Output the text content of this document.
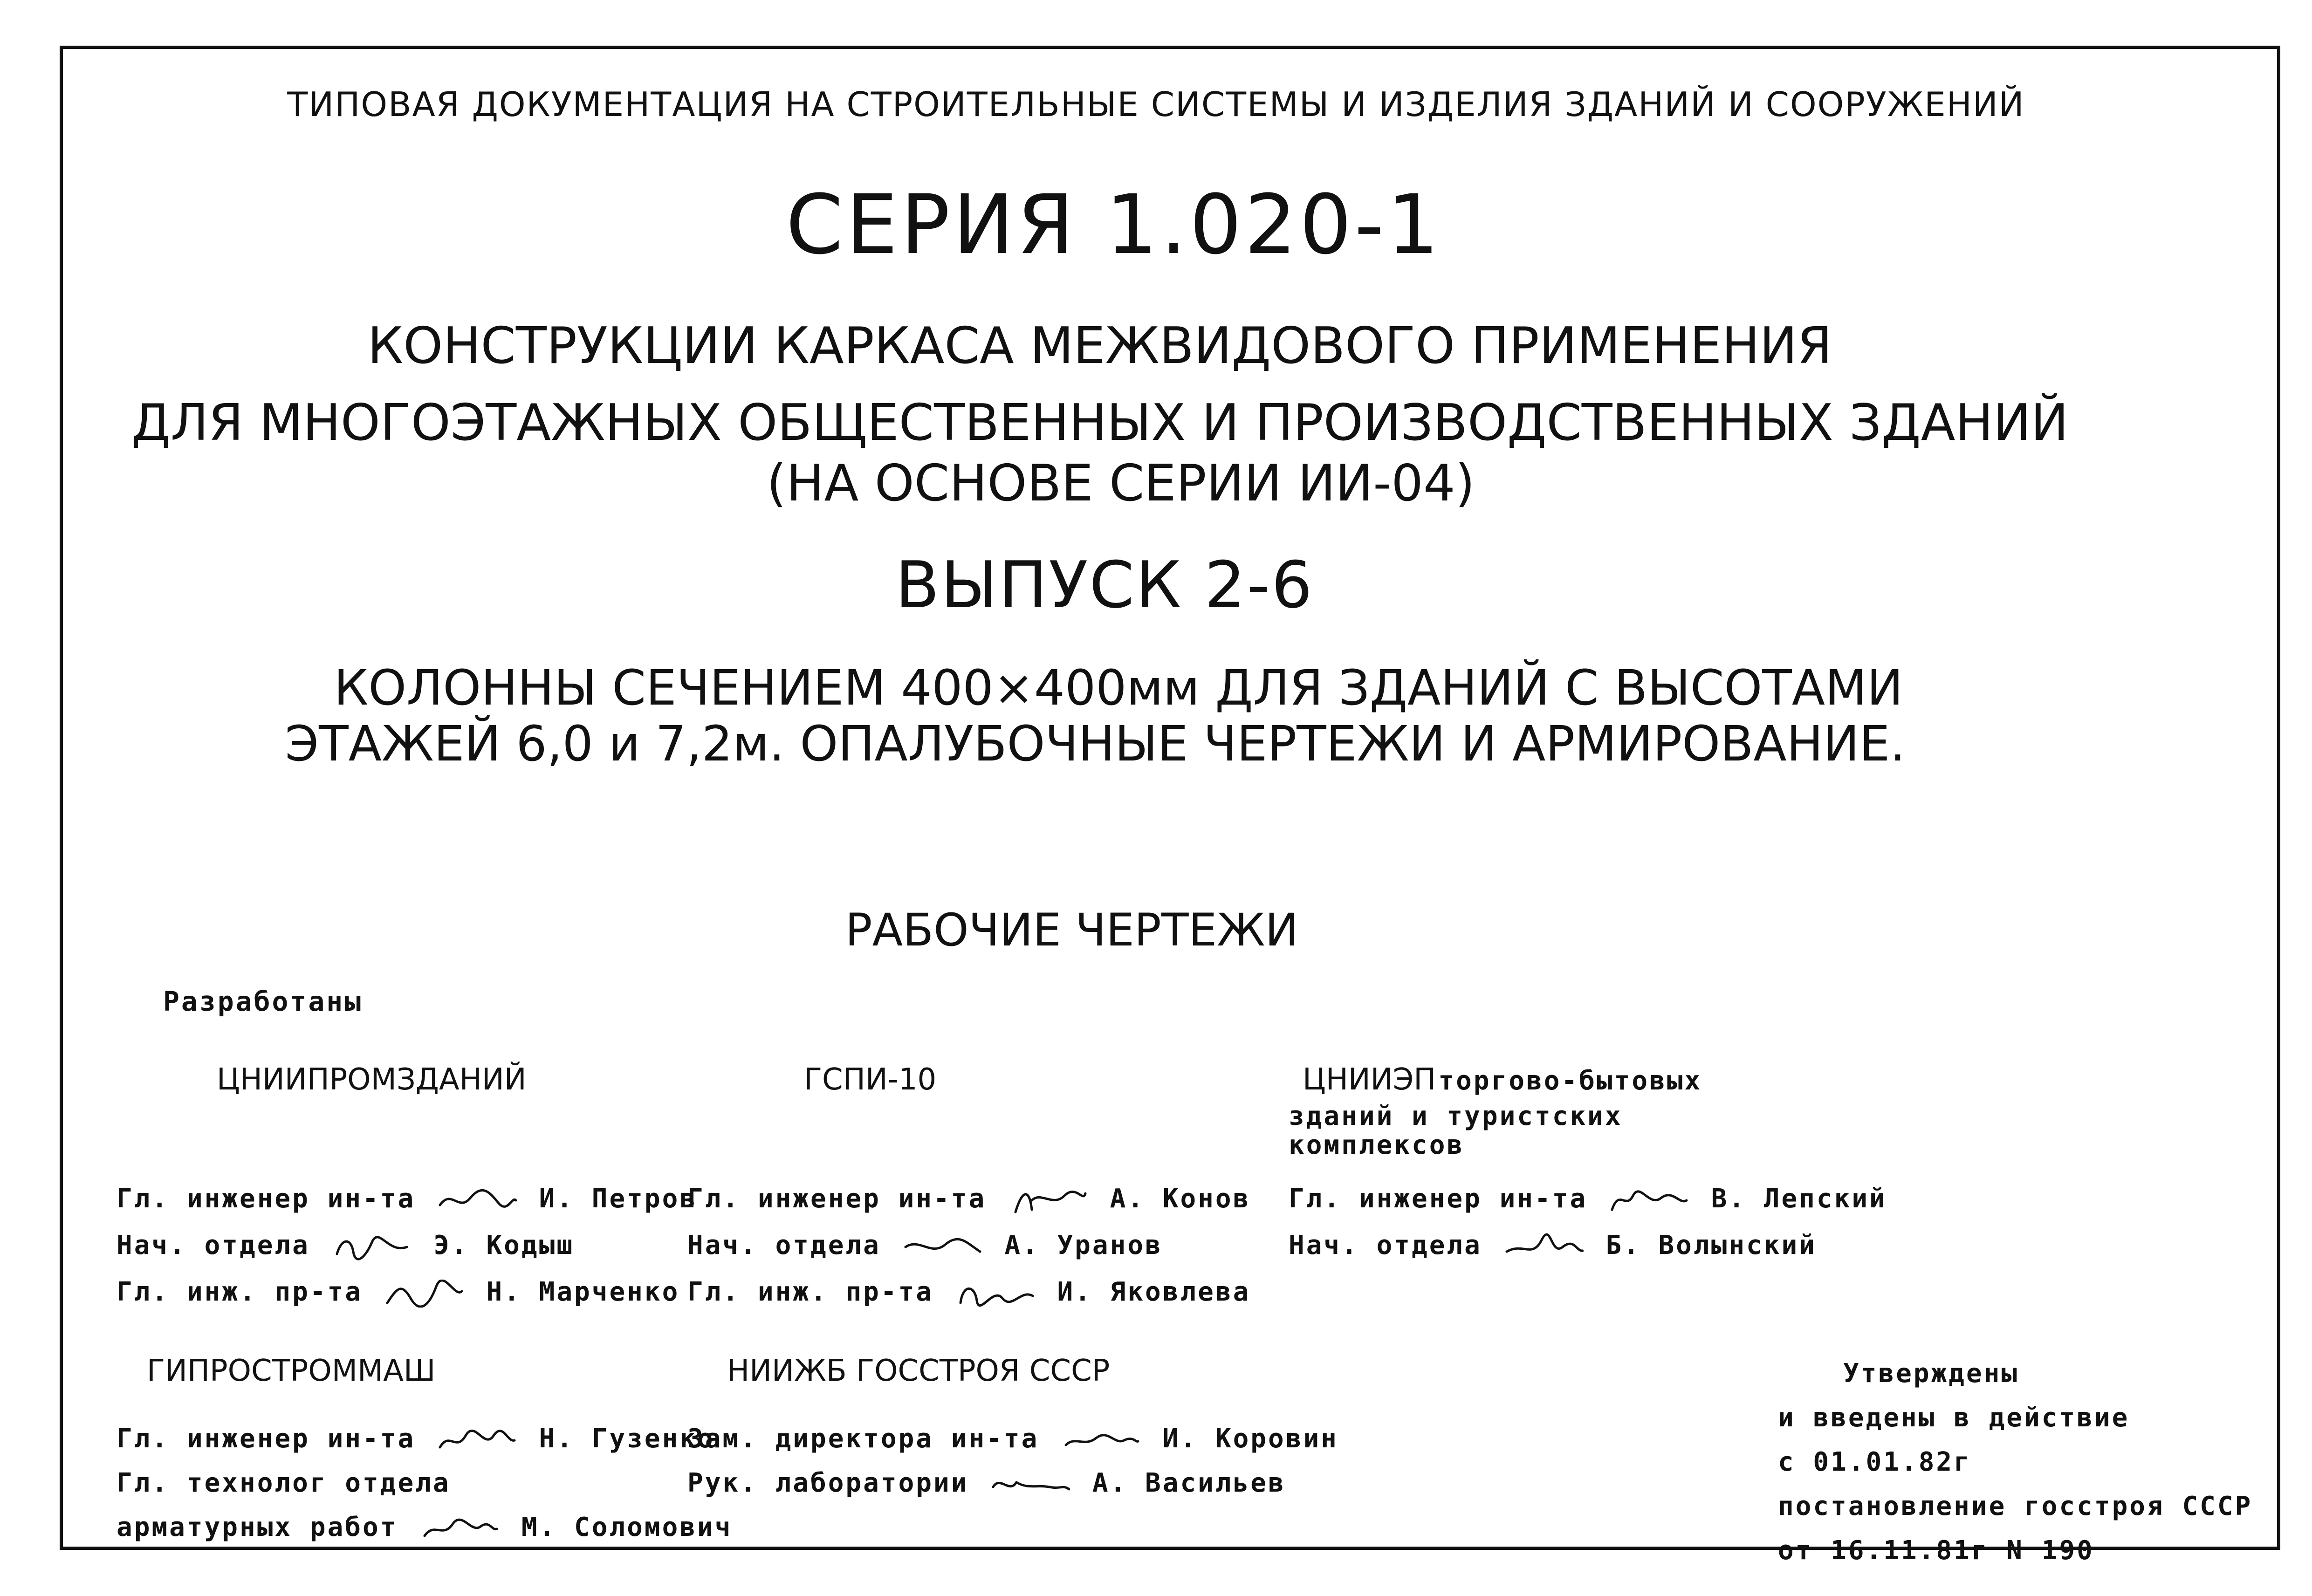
ТИПОВАЯ ДОКУМЕНТАЦИЯ НА СТРОИТЕЛЬНЫЕ СИСТЕМЫ И ИЗДЕЛИЯ ЗДАНИЙ И СООРУЖЕНИЙ
СЕРИЯ 1.020-1
КОНСТРУКЦИИ КАРКАСА МЕЖВИДОВОГО ПРИМЕНЕНИЯ
ДЛЯ МНОГОЭТАЖНЫХ ОБЩЕСТВЕННЫХ И ПРОИЗВОДСТВЕННЫХ ЗДАНИЙ
(НА ОСНОВЕ СЕРИИ ИИ-04)
ВЫПУСК 2-6
КОЛОННЫ СЕЧЕНИЕМ 400×400мм ДЛЯ ЗДАНИЙ С ВЫСОТАМИ
ЭТАЖЕЙ 6,0 и 7,2м. ОПАЛУБОЧНЫЕ ЧЕРТЕЖИ И АРМИРОВАНИЕ.
РАБОЧИЕ ЧЕРТЕЖИ
Разработаны
ЦНИИПРОМЗДАНИЙ
Гл. инженер ин-та	И. Петров
Нач. отдела	Э. Кодыш
Гл. инж. пр-та	Н. Марченко
ГСПИ-10
Гл. инженер ин-та	А. Конов
Нач. отдела	А. Уранов
Гл. инж. пр-та	И. Яковлева
ЦНИИЭП торгово-бытовых
зданий и туристских
комплексов
Гл. инженер ин-та	В. Лепский
Нач. отдела	Б. Волынский
ГИПРОСТРОММАШ
Гл. инженер ин-та	Н. Гузенко
Гл. технолог отдела
арматурных работ	М. Соломович
НИИЖБ ГОССТРОЯ СССР
Зам. директора ин-та	И. Коровин
Рук. лаборатории	А. Васильев
Утверждены
и введены в действие
с 01.01.82г
постановление госстроя СССР
от 16.11.81г N 190
